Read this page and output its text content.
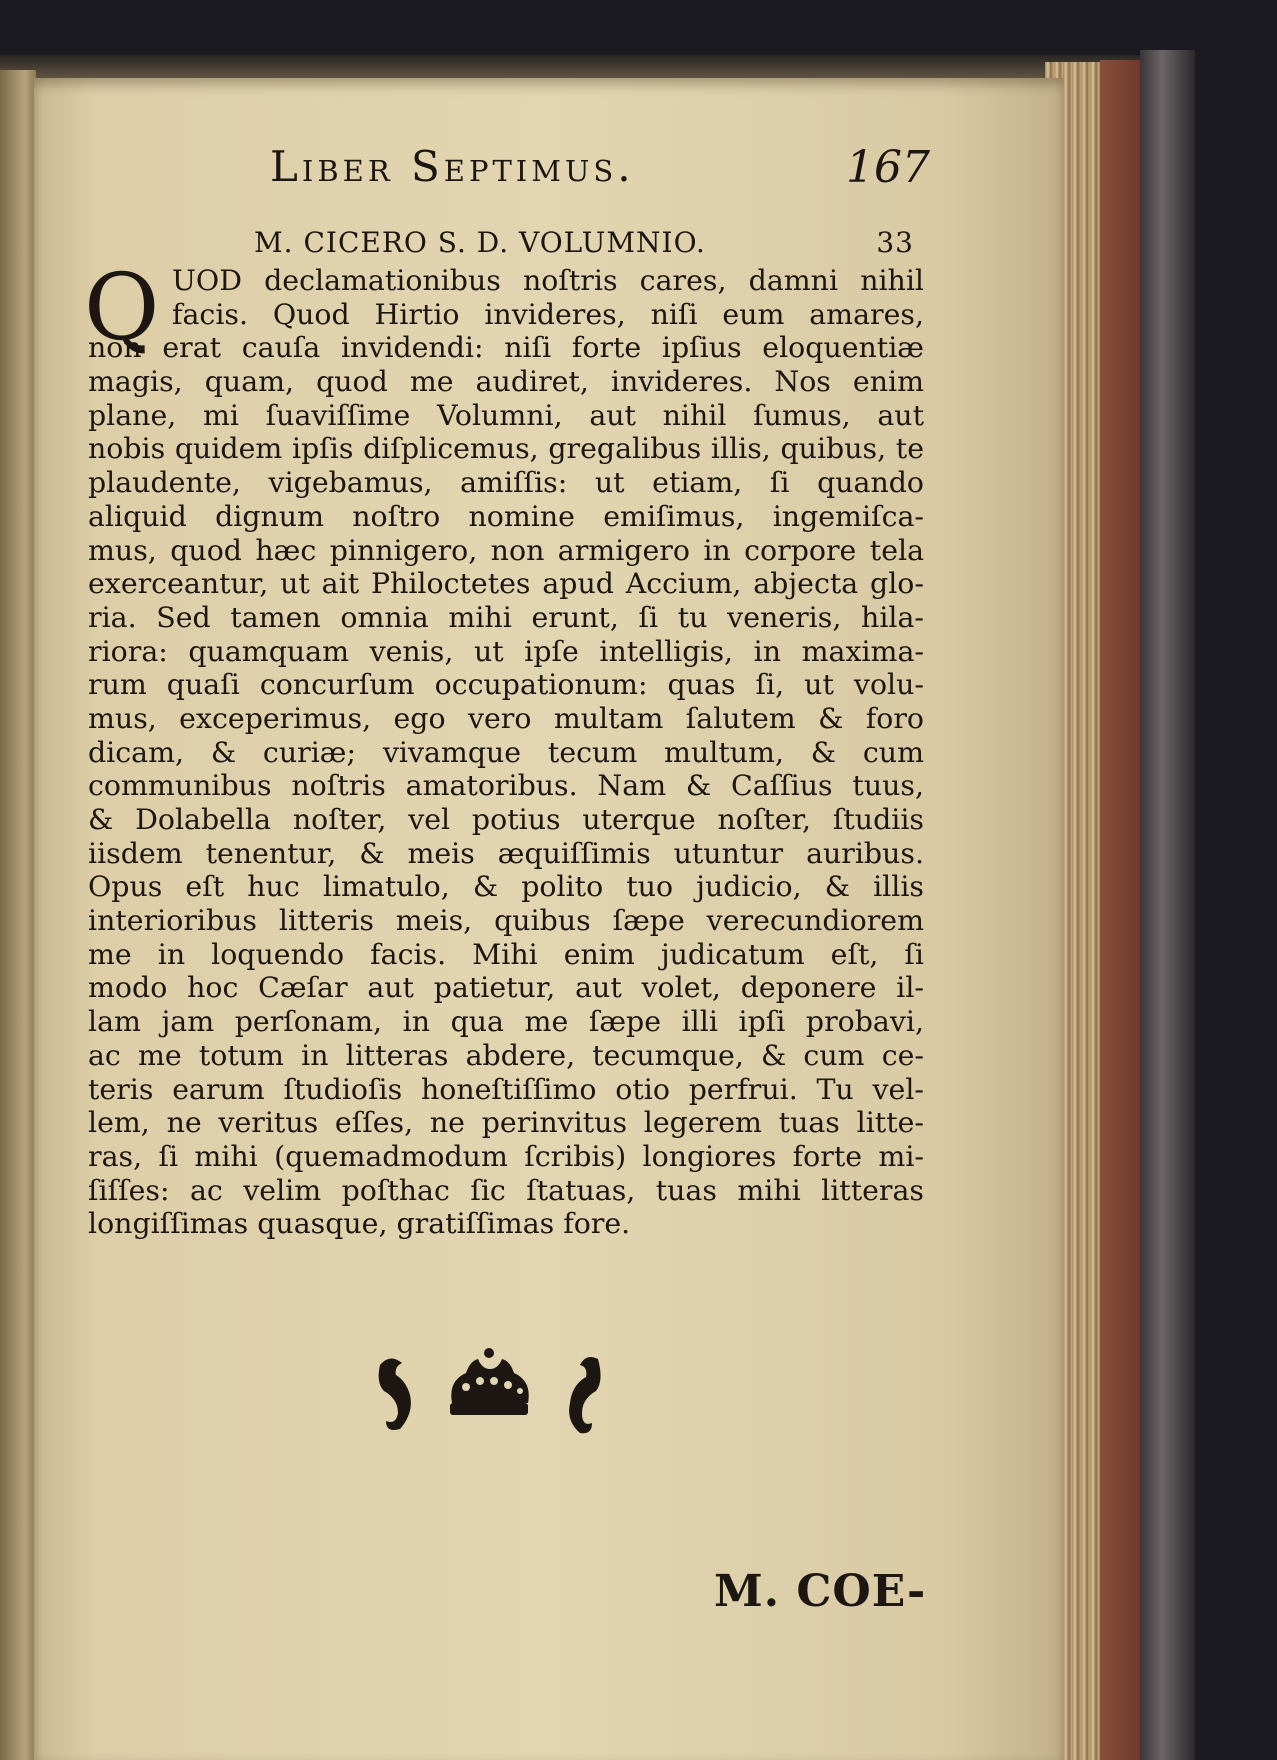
Liber Septimus.	167
M. CICERO S. D. VOLUMNIO.	33
Q UOD declamationibus noſtris cares, damni nihil
facis. Quod Hirtio invideres, niſi eum amares,
non erat cauſa invidendi: niſi forte ipſius eloquentiæ
magis, quam, quod me audiret, invideres. Nos enim
plane, mi ſuaviſſime Volumni, aut nihil ſumus, aut
nobis quidem ipſis diſplicemus, gregalibus illis, quibus, te
plaudente, vigebamus, amiſſis: ut etiam, ſi quando
aliquid dignum noſtro nomine emiſimus, ingemiſca-
mus, quod hæc pinnigero, non armigero in corpore tela
exerceantur, ut ait Philoctetes apud Accium, abjecta glo-
ria. Sed tamen omnia mihi erunt, ſi tu veneris, hila-
riora: quamquam venis, ut ipſe intelligis, in maxima-
rum quaſi concurſum occupationum: quas ſi, ut volu-
mus, exceperimus, ego vero multam ſalutem & foro
dicam, & curiæ; vivamque tecum multum, & cum
communibus noſtris amatoribus. Nam & Caſſius tuus,
& Dolabella noſter, vel potius uterque noſter, ſtudiis
iisdem tenentur, & meis æquiſſimis utuntur auribus.
Opus eſt huc limatulo, & polito tuo judicio, & illis
interioribus litteris meis, quibus ſæpe verecundiorem
me in loquendo facis. Mihi enim judicatum eſt, ſi
modo hoc Cæſar aut patietur, aut volet, deponere il-
lam jam perſonam, in qua me ſæpe illi ipſi probavi,
ac me totum in litteras abdere, tecumque, & cum ce-
teris earum ſtudioſis honeſtiſſimo otio perfrui. Tu vel-
lem, ne veritus eſſes, ne perinvitus legerem tuas litte-
ras, ſi mihi (quemadmodum ſcribis) longiores forte mi-
ſiſſes: ac velim poſthac ſic ſtatuas, tuas mihi litteras
longiſſimas quasque, gratiſſimas fore.
M. COE-
